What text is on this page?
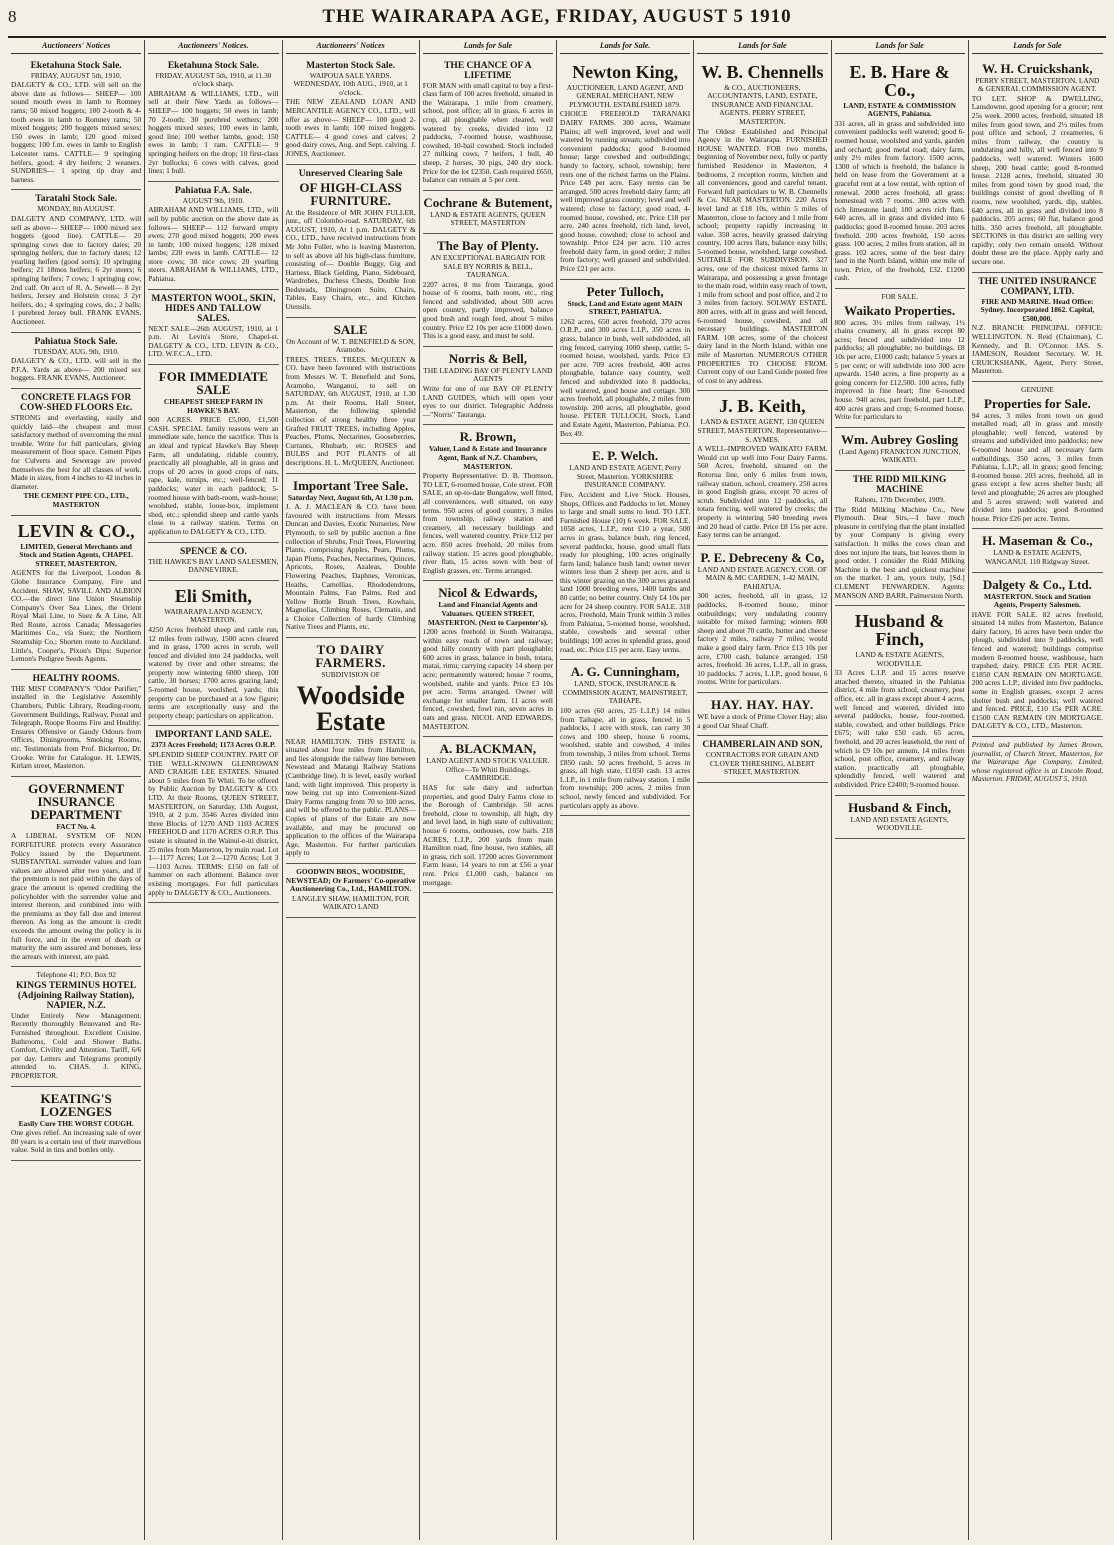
8	THE WAIRARAPA AGE, FRIDAY, AUGUST 5 1910
Auctioneers' Notices
Eketahuna Stock Sale.
FRIDAY, AUGUST 5th, 1910.

DALGETY & CO., LTD. will sell on the above date as follows— SHEEP— 100 sound mouth ewes in lamb to Romney rams; 50 mixed hoggets; 100 2-tooth & 4-tooth ewes in lamb to Romney rams; 50 mixed hoggets; 200 hoggets mixed sexes; 150 ewes in lamb; 120 good mixed hoggets; 100 f.m. ewes in lamb to English Leicester rams. CATTLE— 9 springing heifers, good; 4 dry heifers; 2 weaners. SUNDRIES— 1 spring tip dray and harness.

Taratahi Stock Sale.
MONDAY, 8th AUGUST.

DALGETY AND COMPANY, LTD. will sell as above— SHEEP— 1000 mixed sex hoggets (good line). CATTLE— 20 springing cows due to factory dates; 20 springing heifers, due to factory dates; 12 yearling heifers (good sorts); 10 springing heifers; 21 18mos heifers; 6 2yr steers; 6 springing heifers; 7 cows; 1 springing cow, 2nd calf. On acct of R. A. Sewell— 8 2yr heifers, Jersey and Holstein cross; 3 2yr heifers, do.; 4 springing cows, do.; 2 balls; 1 purebred Jersey bull. FRANK EVANS, Auctioneer.

Pahiatua Stock Sale.
TUESDAY, AUG. 9th, 1910.

DALGETY & CO., LTD. will sell in the P.F.A. Yards as above— 200 mixed sex hoggets. FRANK EVANS, Auctioneer.

CONCRETE FLAGS FOR COW-SHED FLOORS Etc.

STRONG and everlasting, easily and quickly laid—the cheapest and most satisfactory method of overcoming the mud trouble. Write for full particulars, giving measurement of floor space. Cement Pipes for Culverts and Sewerage are proved themselves the best for all classes of work. Made in sizes, from 4 inches to 42 inches in diameter.

THE CEMENT PIPE CO., LTD., MASTERTON
LEVIN & CO.,
LIMITED, General Merchants and Stock and Station Agents, CHAPEL STREET, MASTERTON.

AGENTS for the Liverpool, London & Globe Insurance Company, Fire and Accident. SHAW, SAVILL AND ALBION CO.—the direct line Union Steamship Company's Over Sea Lines, the Orient Royal Mail Line, to Suez & A Line, All Red Route, across Canada; Messageries Maritimes Co., via Suez; the Northern Steamship Co.; Shorten route to Auckland. Little's, Cooper's, Pixon's Dips; Superior Lemon's Pedigree Seeds Agents.

HEALTHY ROOMS.

THE MIST COMPANY'S "Odor Purifier," installed in the Legislative Assembly Chambers, Public Library, Reading-room, Government Buildings, Railway, Postal and Telegraph, Roope Rooms Fire and Healthy. Ensures Offensive or Gaudy Odours from Offices, Diningrooms, Smoking Rooms, etc. Testimonials from Prof. Bickerton, Dr. Crooke. Write for Catalogue. H. LEWIS, Kirlam street, Masterton.

GOVERNMENT INSURANCE DEPARTMENT
FACT No. 4.

A LIBERAL SYSTEM OF NON FORFEITURE protects every Assurance Policy issued by the Department. SUBSTANTIAL surrender values and loan values are allowed after two years, and if the premium is not paid within the days of grace the amount is opened crediting the policyholder with the surrender value and interest thereon, and combined into with the premiums as they fall due and interest thereon. As long as the amount is credit exceeds the amount owing the policy is in full force, and in the event of death or maturity the sum assured and bonuses, less the arrears with interest, are paid.

Telephone 41; P.O. Box 92
KINGS TERMINUS HOTEL (Adjoining Railway Station), NAPIER, N.Z.

Under Entirely New Management. Recently thoroughly Renovated and Re-Furnished throughout. Excellent Cuisine. Bathrooms, Cold and Shower Baths. Comfort, Civility and Attention. Tariff, 6/6 per day. Letters and Telegrams promptly attended to. CHAS. J. KING, PROPRIETOR.

KEATING'S LOZENGES
Easily Cure THE WORST COUGH.

One gives relief. An increasing sale of over 80 years is a certain test of their marvellous value. Sold in tins and bottles only.

Auctioneers' Notices.
Eketahuna Stock Sale.
FRIDAY, AUGUST 5th, 1910, at 11.30 o'clock sharp.

ABRAHAM & WILLIAMS, LTD., will sell at their New Yards as follows— SHEEP— 100 hoggets; 50 ewes in lamb; 70 2-tooth; 30 purebred wethers; 200 hoggets mixed sexes; 100 ewes in lamb, good line; 100 wether lambs, good; 150 ewes in lamb; 1 ram. CATTLE— 9 springing heifers on the drop; 10 first-class 2yr bullocks; 6 cows with calves, good lines; 1 bull.

Pahiatua F.A. Sale.
AUGUST 9th, 1910.

ABRAHAM AND WILLIAMS, LTD., will sell by public auction on the above date as follows— SHEEP— 112 forward empty ewes; 270 good mixed hoggets; 200 ewes in lamb; 100 mixed hoggets; 128 mixed lambs; 220 ewes in lamb. CATTLE— 12 store cows; 30 nice cows; 20 yearling steers. ABRAHAM & WILLIAMS, LTD., Pahiatua.

MASTERTON WOOL, SKIN, HIDES AND TALLOW SALES.

NEXT SALE—26th AUGUST, 1910, at 1 p.m. At Levin's Store, Chapel-st. DALGETY & CO., LTD. LEVIN & CO., LTD. W.F.C.A., LTD.

FOR IMMEDIATE SALE
CHEAPEST SHEEP FARM IN HAWKE'S BAY.

900 ACRES. PRICE £5,000, £1,500 CASH. SPECIAL family reasons were an immediate sale, hence the sacrifice. This is an ideal and typical Hawke's Bay Sheep Farm, all undulating, ridable country, practically all ploughable, all in grass and crops of 20 acres in good crops of oats, rape, kale, turnips, etc.; well-fenced; 11 paddocks; water in each paddock; 5-roomed house with bath-room, wash-house; woolshed, stable, loose-box, implement shed, etc.; splendid sheep and cattle yards close to a railway station. Terms on application to DALGETY & CO., LTD.

SPENCE & CO.
THE HAWKE'S BAY LAND SALESMEN, DANNEVIRKE.
Eli Smith,
WAIRARAPA LAND AGENCY, MASTERTON.

4250 Acres freehold sheep and cattle run, 12 miles from railway, 1500 acres cleared and in grass, 1700 acres in scrub, well fenced and divided into 24 paddocks, well watered by river and other streams; the property now wintering 6000 sheep, 100 cattle, 30 horses; 1700 acres grazing land; 5-roomed house, woolshed, yards; this property can be purchased at a low figure; terms are exceptionally easy and the property cheap; particulars on application.

IMPORTANT LAND SALE.
2373 Acres Freehold; 1173 Acres O.R.P.

SPLENDID SHEEP COUNTRY. PART OF THE WELL-KNOWN GLENROWAN AND CRAIGIE LEE ESTATES. Situated about 5 miles from Te Whiti. To be offered by Public Auction by DALGETY & CO. LTD. At their Rooms, QUEEN STREET, MASTERTON, on Saturday, 13th August, 1910, at 2 p.m. 3546 Acres divided into three Blocks of 1270 AND 1103 ACRES FREEHOLD and 1170 ACRES O.R.P. This estate is situated in the Wainui-e-iti district, 25 miles from Masterton, by main road. Lot 1—1177 Acres; Lot 2—1270 Acres; Lot 3—1103 Acres. TERMS: £150 on fall of hammer on each allotment. Balance over existing mortgages. For full particulars apply to DALGETY & CO., Auctioneers.

Auctioneers' Notices
Masterton Stock Sale.
WAIPOUA SALE YARDS. WEDNESDAY, 10th AUG., 1910, at 1 o'clock.

THE NEW ZEALAND LOAN AND MERCANTILE AGENCY CO., LTD., will offer as above— SHEEP— 100 good 2-tooth ewes in lamb; 100 mixed hoggets. CATTLE— 4 good cows and calves; 2 good dairy cows, Aug. and Sept. calving. J. JONES, Auctioneer.

Unreserved Clearing Sale
OF HIGH-CLASS FURNITURE.

At the Residence of MR JOHN FULLER, junr., off Colombo-road. SATURDAY, 6th AUGUST, 1910, At 1 p.m. DALGETY & CO., LTD., have received instructions from Mr John Fuller, who is leaving Masterton, to sell as above all his high-class furniture, consisting of— Double Buggy, Gig and Harness, Black Gelding, Piano, Sideboard, Wardrobes, Duchess Chests, Double Iron Bedsteads, Diningroom Suite, Chairs, Tables, Easy Chairs, etc., and Kitchen Utensils.

SALE
On Account of W. T. BENEFIELD & SON, Aramoho.

TREES. TREES. TREES. McQUEEN & CO. have been favoured with instructions from Messrs W. T. Benefield and Sons, Aramoho, Wanganui, to sell on SATURDAY, 6th AUGUST, 1910, at 1.30 p.m. At their Rooms, Hall Street, Masterton, the following splendid collection of strong healthy three year Grafted FRUIT TREES, including Apples, Peaches, Plums, Nectarines, Gooseberries, Currants, Rhubarb, etc. ROSES and BULBS and POT PLANTS of all descriptions. H. L. McQUEEN, Auctioneer.

Important Tree Sale.
Saturday Next, August 6th, At 1.30 p.m.

J. A. J. MACLEAN & CO. have been favoured with instructions from Messrs Duncan and Davies, Exotic Nurseries, New Plymouth, to sell by public auction a fine collection of Shrubs, Fruit Trees, Flowering Plants, comprising Apples, Pears, Plums, Japan Plums, Peaches, Nectarines, Quinces, Apricots, Roses, Azaleas, Double Flowering Peaches, Daphnes, Veronicas, Heaths, Camellias, Rhododendrons, Mountain Palms, Fan Palms, Red and Yellow Bottle Brush Trees, Kowhais, Magnolias, Climbing Roses, Clematis, and a Choice Collection of hardy Climbing Native Trees and Plants, etc.

TO DAIRY FARMERS.
SUBDIVISION OF
Woodside Estate

NEAR HAMILTON. THIS ESTATE is situated about four miles from Hamilton, and lies alongside the railway line between Newstead and Matangi Railway Stations (Cambridge line). It is level, easily worked land, with light improved. This property is now being cut up into Convenient-Sized Dairy Farms ranging from 70 to 100 acres, and will be offered to the public. PLANS—Copies of plans of the Estate are now available, and may be procured on application to the offices of the Wairarapa Age, Masterton. For further particulars apply to

GOODWIN BROS., WOODSIDE, NEWSTEAD; Or Farmers' Co-operative Auctioneering Co., Ltd., HAMILTON.

LANGLEY SHAW, HAMILTON, FOR WAIKATO LAND

Lands for Sale
THE CHANCE OF A LIFETIME

FOR MAN with small capital to buy a first-class farm of 100 acres freehold, situated in the Wairarapa, 1 mile from creamery, school, post office; all in grass, 6 acres in crop, all ploughable when cleared, well watered by creeks, divided into 12 paddocks, 7-roomed house, washhouse, cowshed, 10-bail cowshed. Stock included 27 milking cows, 7 heifers, 1 bull, 40 sheep, 2 horses, 30 pigs, 240 dry stock. Price for the lot £2350. Cash required £650, balance can remain at 5 per cent.

Cochrane & Butement,
LAND & ESTATE AGENTS, QUEEN STREET, MASTERTON
The Bay of Plenty.
AN EXCEPTIONAL BARGAIN FOR SALE BY NORRIS & BELL, TAURANGA.

2207 acres, 8 ms from Tauranga, good house of 6 rooms, bath room, etc., ring fenced and subdivided, about 500 acres open country, partly improved, balance good bush and rough feed, about 5 miles country. Price £2 10s per acre £1000 down. This is a good easy, and must be sold.

Norris & Bell,
THE LEADING BAY OF PLENTY LAND AGENTS

Write for one of our BAY OF PLENTY LAND GUIDES, which will open your eyes to our district. Telegraphic Address—"Norris" Tauranga.

R. Brown,
Valuer, Land & Estate and Insurance Agent, Bank of N.Z. Chambers, MASTERTON.

Property Representative: D. B. Thomson. TO LET, 6-roomed house, Cole street. FOR SALE, an up-to-date Bungalow, well fitted, all conveniences, well situated, on easy terms. 950 acres of good country, 3 miles from township, railway station and creamery, all necessary buildings and fences, well watered country. Price £12 per acre. 850 acres freehold, 20 miles from railway station. 15 acres good ploughable, river flats, 15 acres sown with best of English grasses, etc. Terms arranged.

Nicol & Edwards,
Land and Financial Agents and Valuators. QUEEN STREET, MASTERTON. (Next to Carpenter's).

1200 acres freehold in South Wairarapa, within easy reach of town and railway; good hilly country with part ploughable; 600 acres in grass, balance in bush, totara, matai, rimu; carrying capacity 14 sheep per acre; permanently watered; house 7 rooms, woolshed, stable and yards. Price £3 10s per acre. Terms arranged. Owner will exchange for smaller farm. 11 acres well fenced, cowshed, fowl run, seven acres in oats and grass. NICOL AND EDWARDS, MASTERTON.

A. BLACKMAN,
LAND AGENT AND STOCK VALUER. Office—Te Whiti Buildings, CAMBRIDGE.

HAS for sale dairy and suburban properties, and good Dairy Farms close to the Borough of Cambridge. 50 acres freehold, close to township, all high, dry and level land, in high state of cultivation; house 6 rooms, outhouses, cow bails. 218 ACRES, L.I.P., 200 yards from main Hamilton road, fine house, two stables, all in grass, rich soil. 17200 acres Government Farm lease, 14 years to run at £56 a year rent. Price £1,000 cash, balance on mortgage.

Lands for Sale.
Newton King,
AUCTIONEER, LAND AGENT, AND GENERAL MERCHANT, NEW PLYMOUTH. ESTABLISHED 1879.

CHOICE FREEHOLD TARANAKI DAIRY FARMS. 300 acres, Waimate Plains; all well improved, level and well watered by running stream; subdivided into convenient paddocks; good 8-roomed house; large cowshed and outbuildings; handy to factory, school, township; here rests one of the richest farms on the Plains. Price £48 per acre. Easy terms can be arranged. 500 acres freehold dairy farm; all well improved grass country; level and well watered; close to factory; good road, 4-roomed house, cowshed, etc. Price £18 per acre. 240 acres freehold, rich land, level, good house, cowshed; close to school and township. Price £24 per acre. 110 acres freehold dairy farm, in good order; 2 miles from factory; well grassed and subdivided. Price £21 per acre.

Peter Tulloch,
Stock, Land and Estate agent MAIN STREET, PAHIATUA.

1262 acres, 650 acres freehold, 370 acres O.R.P., and 300 acres L.I.P., 350 acres in grass, balance in bush, well subdivided, all ring fenced, carrying 1000 sheep, cattle; 5-roomed house, woolshed, yards. Price £3 per acre. 709 acres freehold, 400 acres ploughable, balance easy country, well fenced and subdivided into 8 paddocks, well watered, good house and cottage. 300 acres freehold, all ploughable, 2 miles from township. 200 acres, all ploughable, good house. PETER TULLOCH, Stock, Land and Estate Agent, Masterton, Pahiatua. P.O. Box 49.

E. P. Welch.
LAND AND ESTATE AGENT, Perry Street, Masterton. YORKSHIRE INSURANCE COMPANY.

Fire, Accident and Live Stock. Houses, Shops, Offices and Paddocks to let. Money to large and small sums to lend. TO LET. Furnished House (10) 6 week. FOR SALE. 1058 acres, L.I.P., rent £10 a year, 500 acres in grass, balance bush, ring fenced, several paddocks, house, good small flats ready for ploughing, 100 acres originally farm land; balance bush land; owner never winters less than 2 sheep per acre, and is this winter grazing on the 300 acres grassed land 1000 breeding ewes, 1400 lambs and 80 cattle; no better country. Only £4 10s per acre for 24 sheep country. FOR SALE. 318 acres, Freehold, Main Trunk within 3 miles from Pahiatua, 5-roomed house, woolshed, stable, cowsheds and several other buildings; 100 acres in splendid grass, good road, etc. Price £15 per acre. Easy terms.

A. G. Cunningham,
LAND, STOCK, INSURANCE & COMMISSION AGENT, MAINSTREET, TAIHAPE.

100 acres (60 acres, 25 L.I.P.) 14 miles from Taihape, all in grass, fenced in 5 paddocks, 1 acre with stock, can carry 30 cows and 100 sheep, house 6 rooms, woolshed, stable and cowshed, 4 miles from township, 3 miles from school. Terms £850 cash. 50 acres freehold, 5 acres in grass, all high state, £1050 cash. 13 acres L.I.P., in 1 mile from railway station. 1 mile from township; 200 acres, 2 miles from school, newly fenced and subdivided. For particulars apply as above.

Lands for Sale
W. B. Chennells
& CO., AUCTIONEERS, ACCOUNTANTS, LAND, ESTATE, INSURANCE AND FINANCIAL AGENTS. PERRY STREET, MASTERTON.

The Oldest Established and Principal Agency in the Wairarapa. FURNISHED HOUSE WANTED. FOR two months, beginning of November next, fully or partly furnished Residence in Masterton, 4 bedrooms, 2 reception rooms, kitchen and all conveniences, good and careful tenant. Forward full particulars to W. B. Chennells & Co. NEAR MASTERTON. 220 Acres level land at £18 10s, within 5 miles of Masterton, close to factory and 1 mile from school; property rapidly increasing in value. 350 acres, heavily grassed dairying country, 100 acres flats, balance easy hills; 5-roomed house, woolshed, large cowshed. SUITABLE FOR SUBDIVISION. 327 acres, one of the choicest mixed farms in Wairarapa, and possessing a great frontage to the main road, within easy reach of town, 1 mile from school and post office, and 2 to 3 miles from factory. SOLWAY ESTATE. 800 acres, with all in grass and well fenced, 6-roomed house, cowshed, and all necessary buildings. MASTERTON FARM. 108 acres, some of the choicest dairy land in the North Island, within one mile of Masterton. NUMEROUS OTHER PROPERTIES TO CHOOSE FROM. Current copy of our Land Guide posted free of cost to any address.

J. B. Keith,
LAND & ESTATE AGENT, 130 QUEEN STREET, MASTERTON. Representative—S. AYMES.

A WELL-IMPROVED WAIKATO FARM. Would cut up well into Four Dairy Farms. 560 Acres, freehold, situated on the Rotorua line, only 6 miles from town, railway station, school, creamery. 250 acres in good English grass, except 70 acres of scrub. Subdivided into 12 paddocks, all totara fencing, well watered by creeks; the property is wintering 540 breeding ewes and 20 head of cattle. Price £8 15s per acre. Easy terms can be arranged.

P. E. Debreceny & Co,
LAND AND ESTATE AGENCY, COR. OF MAIN & MC CARDEN, 1-42 MAIN, PAHIATUA.

300 acres, freehold, all in grass, 12 paddocks, 8-roomed house, minor outbuildings; very undulating country suitable for mixed farming; winters 800 sheep and about 70 cattle, butter and cheese factory 2 miles, railway 7 miles; would make a good dairy farm. Price £13 10s per acre, £700 cash, balance arranged. 150 acres, freehold. 36 acres, L.I.P., all in grass, 10 paddocks. 7 acres, L.I.P., good house, 6 rooms. Write for particulars.

HAY. HAY. HAY.

WE have a stock of Prime Clover Hay; also a good Oat Sheaf Chaff.

CHAMBERLAIN AND SON,
CONTRACTORS FOR GRAIN AND CLOVER THRESHING, ALBERT STREET, MASTERTON.
Lands for Sale
E. B. Hare & Co.,
LAND, ESTATE & COMMISSION AGENTS, Pahiatua.

331 acres, all in grass and subdivided into convenient paddocks well watered; good 6-roomed house, woolshed and yards, garden and orchard; good metal road; dairy farm, only 2½ miles from factory. 1500 acres, 1300 of which is freehold, the balance is held on lease from the Government at a graceful rent at a low rental, with option of renewal. 2000 acres freehold, all grass; homestead with 7 rooms. 300 acres with rich limestone land; 100 acres rich flats. 640 acres, all in grass and divided into 6 paddocks; good 8-roomed house. 203 acres freehold. 200 acres freehold, 150 acres grass. 100 acres, 2 miles from station, all in grass. 102 acres, some of the best dairy land in the North Island, within one mile of town. Price, of the freehold, £32. £1200 cash.

FOR SALE.
Waikato Properties.

800 acres, 3½ miles from railway, 1½ chains creamery, all in grass except 80 acres; fenced and subdivided into 12 paddocks; all ploughable; no buildings. £8 10s per acre, £1000 cash; balance 5 years at 5 per cent; or will subdivide into 300 acre upwards. 1540 acres, a fine property as a going concern for £12,500. 100 acres, fully improved in fine heart; fine 6-roomed house. 940 acres, part freehold, part L.I.P., 400 acres grass and crop; 6-roomed house. Write for particulars to

Wm. Aubrey Gosling
(Land Agent) FRANKTON JUNCTION, WAIKATO.
THE RIDD MILKING MACHINE
Rahotu, 17th December, 1909.

The Ridd Milking Machine Co., New Plymouth. Dear Sirs,—I have much pleasure in certifying that the plant installed by your Company is giving every satisfaction. It milks the cows clean and does not injure the teats, but leaves them in good order. I consider the Ridd Milking Machine is the best and quickest machine on the market. I am, yours truly, [Sd.] CLEMENT FENWARDEN. Agents: MANSON AND BARR, Palmerston North.

Husband & Finch,
LAND & ESTATE AGENTS, WOODVILLE.

33 Acres L.I.P. and 15 acres reserve attached thereto, situated in the Pahiatua district, 4 mile from school, creamery, post office, etc. all in grass except about 4 acres, well fenced and watered, divided into several paddocks, house, four-roomed, stable, cowshed, and other buildings. Price £675; will take £50 cash. 65 acres, freehold, and 20 acres leasehold, the rent of which is £9 10s per annum, 14 miles from school, post office, creamery, and railway station, practically all ploughable, splendidly fenced, well watered and subdivided. Price £2400; 9-roomed house.

Husband & Finch,
LAND AND ESTATE AGENTS, WOODVILLE.
Lands for Sale
W. H. Cruickshank,
PERRY STREET, MASTERTON, LAND & GENERAL COMMISSION AGENT.

TO LET. SHOP & DWELLING, Lansdowne, good opening for a grocer; rent 25s week. 2000 acres, freehold, situated 18 miles from good town, and 2½ miles from post office and school, 2 creameries, 6 miles from railway, the country is undulating and hilly, all well fenced into 9 paddocks, well watered. Winters 1600 sheep, 200 head cattle; good 8-roomed house. 2128 acres, freehold, situated 30 miles from good town by good road, the buildings consist of good dwelling of 8 rooms, new woolshed, yards, dip, stables. 640 acres, all in grass and divided into 8 paddocks. 205 acres; 60 flat, balance good hills. 350 acres freehold, all ploughable. SECTIONS in this district are selling very rapidly; only two remain unsold. Without doubt these are the place. Apply early and secure one.

THE UNITED INSURANCE COMPANY, LTD.
FIRE AND MARINE. Head Office: Sydney. Incorporated 1862. Capital, £500,000.

N.Z. BRANCH: PRINCIPAL OFFICE: WELLINGTON. N. Reid (Chairman), C. Kennedy, and B. O'Connor. JAS. S. JAMESON, Resident Secretary. W. H. CRUICKSHANK, Agent, Perry Street, Masterton.

GENUINE
Properties for Sale.

94 acres, 3 miles from town on good metalled road; all in grass and mostly ploughable; well fenced, watered by streams and subdivided into paddocks; new 6-roomed house and all necessary farm outbuildings. 350 acres, 3 miles from Pahiatua, L.I.P., all in grass; good fencing; 8-roomed house. 203 acres, freehold, all in grass except a few acres shelter bush; all level and ploughable; 26 acres are ploughed and 5 acres strawed; well watered and divided into paddocks; good 8-roomed house. Price £26 per acre. Terms.

H. Maseman & Co.,
LAND & ESTATE AGENTS, WANGANUI. 110 Ridgway Street.
Dalgety & Co., Ltd.
MASTERTON. Stock and Station Agents, Property Salesmen.

HAVE FOR SALE. 82 acres freehold, situated 14 miles from Masterton, Balance dairy factory, 16 acres have been under the plough, subdivided into 9 paddocks, well fenced and watered; buildings comprise modern 8-roomed house, washhouse, barn trapshed, dairy. PRICE £35 PER ACRE. £1850 CAN REMAIN ON MORTGAGE. 200 acres L.I.P., divided into five paddocks, some in English grasses, except 2 acres shelter bush and paddocks; well watered and fenced. PRICE, £10 15s PER ACRE. £1500 CAN REMAIN ON MORTGAGE. DALGETY & CO., LTD., Masterton.

Printed and published by James Brown, journalist, of Church Street, Masterton, for the Wairarapa Age Company, Limited, whose registered office is at Lincoln Road, Masterton. FRIDAY, AUGUST 5, 1910.
